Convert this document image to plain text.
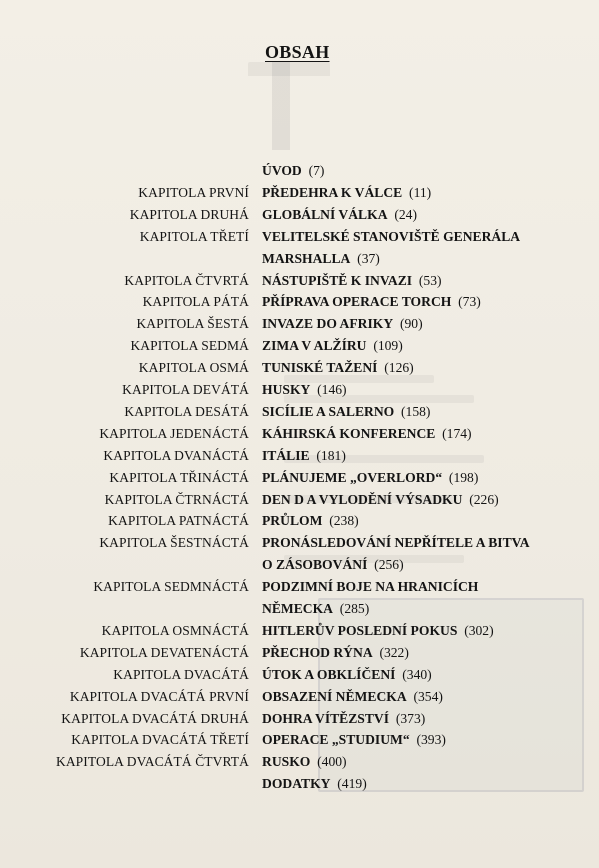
OBSAH
ÚVOD  (7)
KAPITOLA PRVNÍ PŘEDEHRA K VÁLCE  (11)
KAPITOLA DRUHÁ GLOBÁLNÍ VÁLKA  (24)
KAPITOLA TŘETÍ VELITELSKÉ STANOVIŠTĚ GENERÁLA
MARSHALLA  (37)
KAPITOLA ČTVRTÁ NÁSTUPIŠTĚ K INVAZI  (53)
KAPITOLA PÁTÁ PŘÍPRAVA OPERACE TORCH  (73)
KAPITOLA ŠESTÁ INVAZE DO AFRIKY  (90)
KAPITOLA SEDMÁ ZIMA V ALŽÍRU  (109)
KAPITOLA OSMÁ TUNISKÉ TAŽENÍ  (126)
KAPITOLA DEVÁTÁ HUSKY  (146)
KAPITOLA DESÁTÁ SICÍLIE A SALERNO  (158)
KAPITOLA JEDENÁCTÁ KÁHIRSKÁ KONFERENCE  (174)
KAPITOLA DVANÁCTÁ ITÁLIE  (181)
KAPITOLA TŘINÁCTÁ PLÁNUJEME „OVERLORD“  (198)
KAPITOLA ČTRNÁCTÁ DEN D A VYLODĚNÍ VÝSADKU  (226)
KAPITOLA PATNÁCTÁ PRŮLOM  (238)
KAPITOLA ŠESTNÁCTÁ PRONÁSLEDOVÁNÍ NEPŘÍTELE A BITVA
O ZÁSOBOVÁNÍ  (256)
KAPITOLA SEDMNÁCTÁ PODZIMNÍ BOJE NA HRANICÍCH
NĚMECKA  (285)
KAPITOLA OSMNÁCTÁ HITLERŮV POSLEDNÍ POKUS  (302)
KAPITOLA DEVATENÁCTÁ PŘECHOD RÝNA  (322)
KAPITOLA DVACÁTÁ ÚTOK A OBKLÍČENÍ  (340)
KAPITOLA DVACÁTÁ PRVNÍ OBSAZENÍ NĚMECKA  (354)
KAPITOLA DVACÁTÁ DRUHÁ DOHRA VÍTĚZSTVÍ  (373)
KAPITOLA DVACÁTÁ TŘETÍ OPERACE „STUDIUM“  (393)
KAPITOLA DVACÁTÁ ČTVRTÁ RUSKO  (400)
DODATKY  (419)
